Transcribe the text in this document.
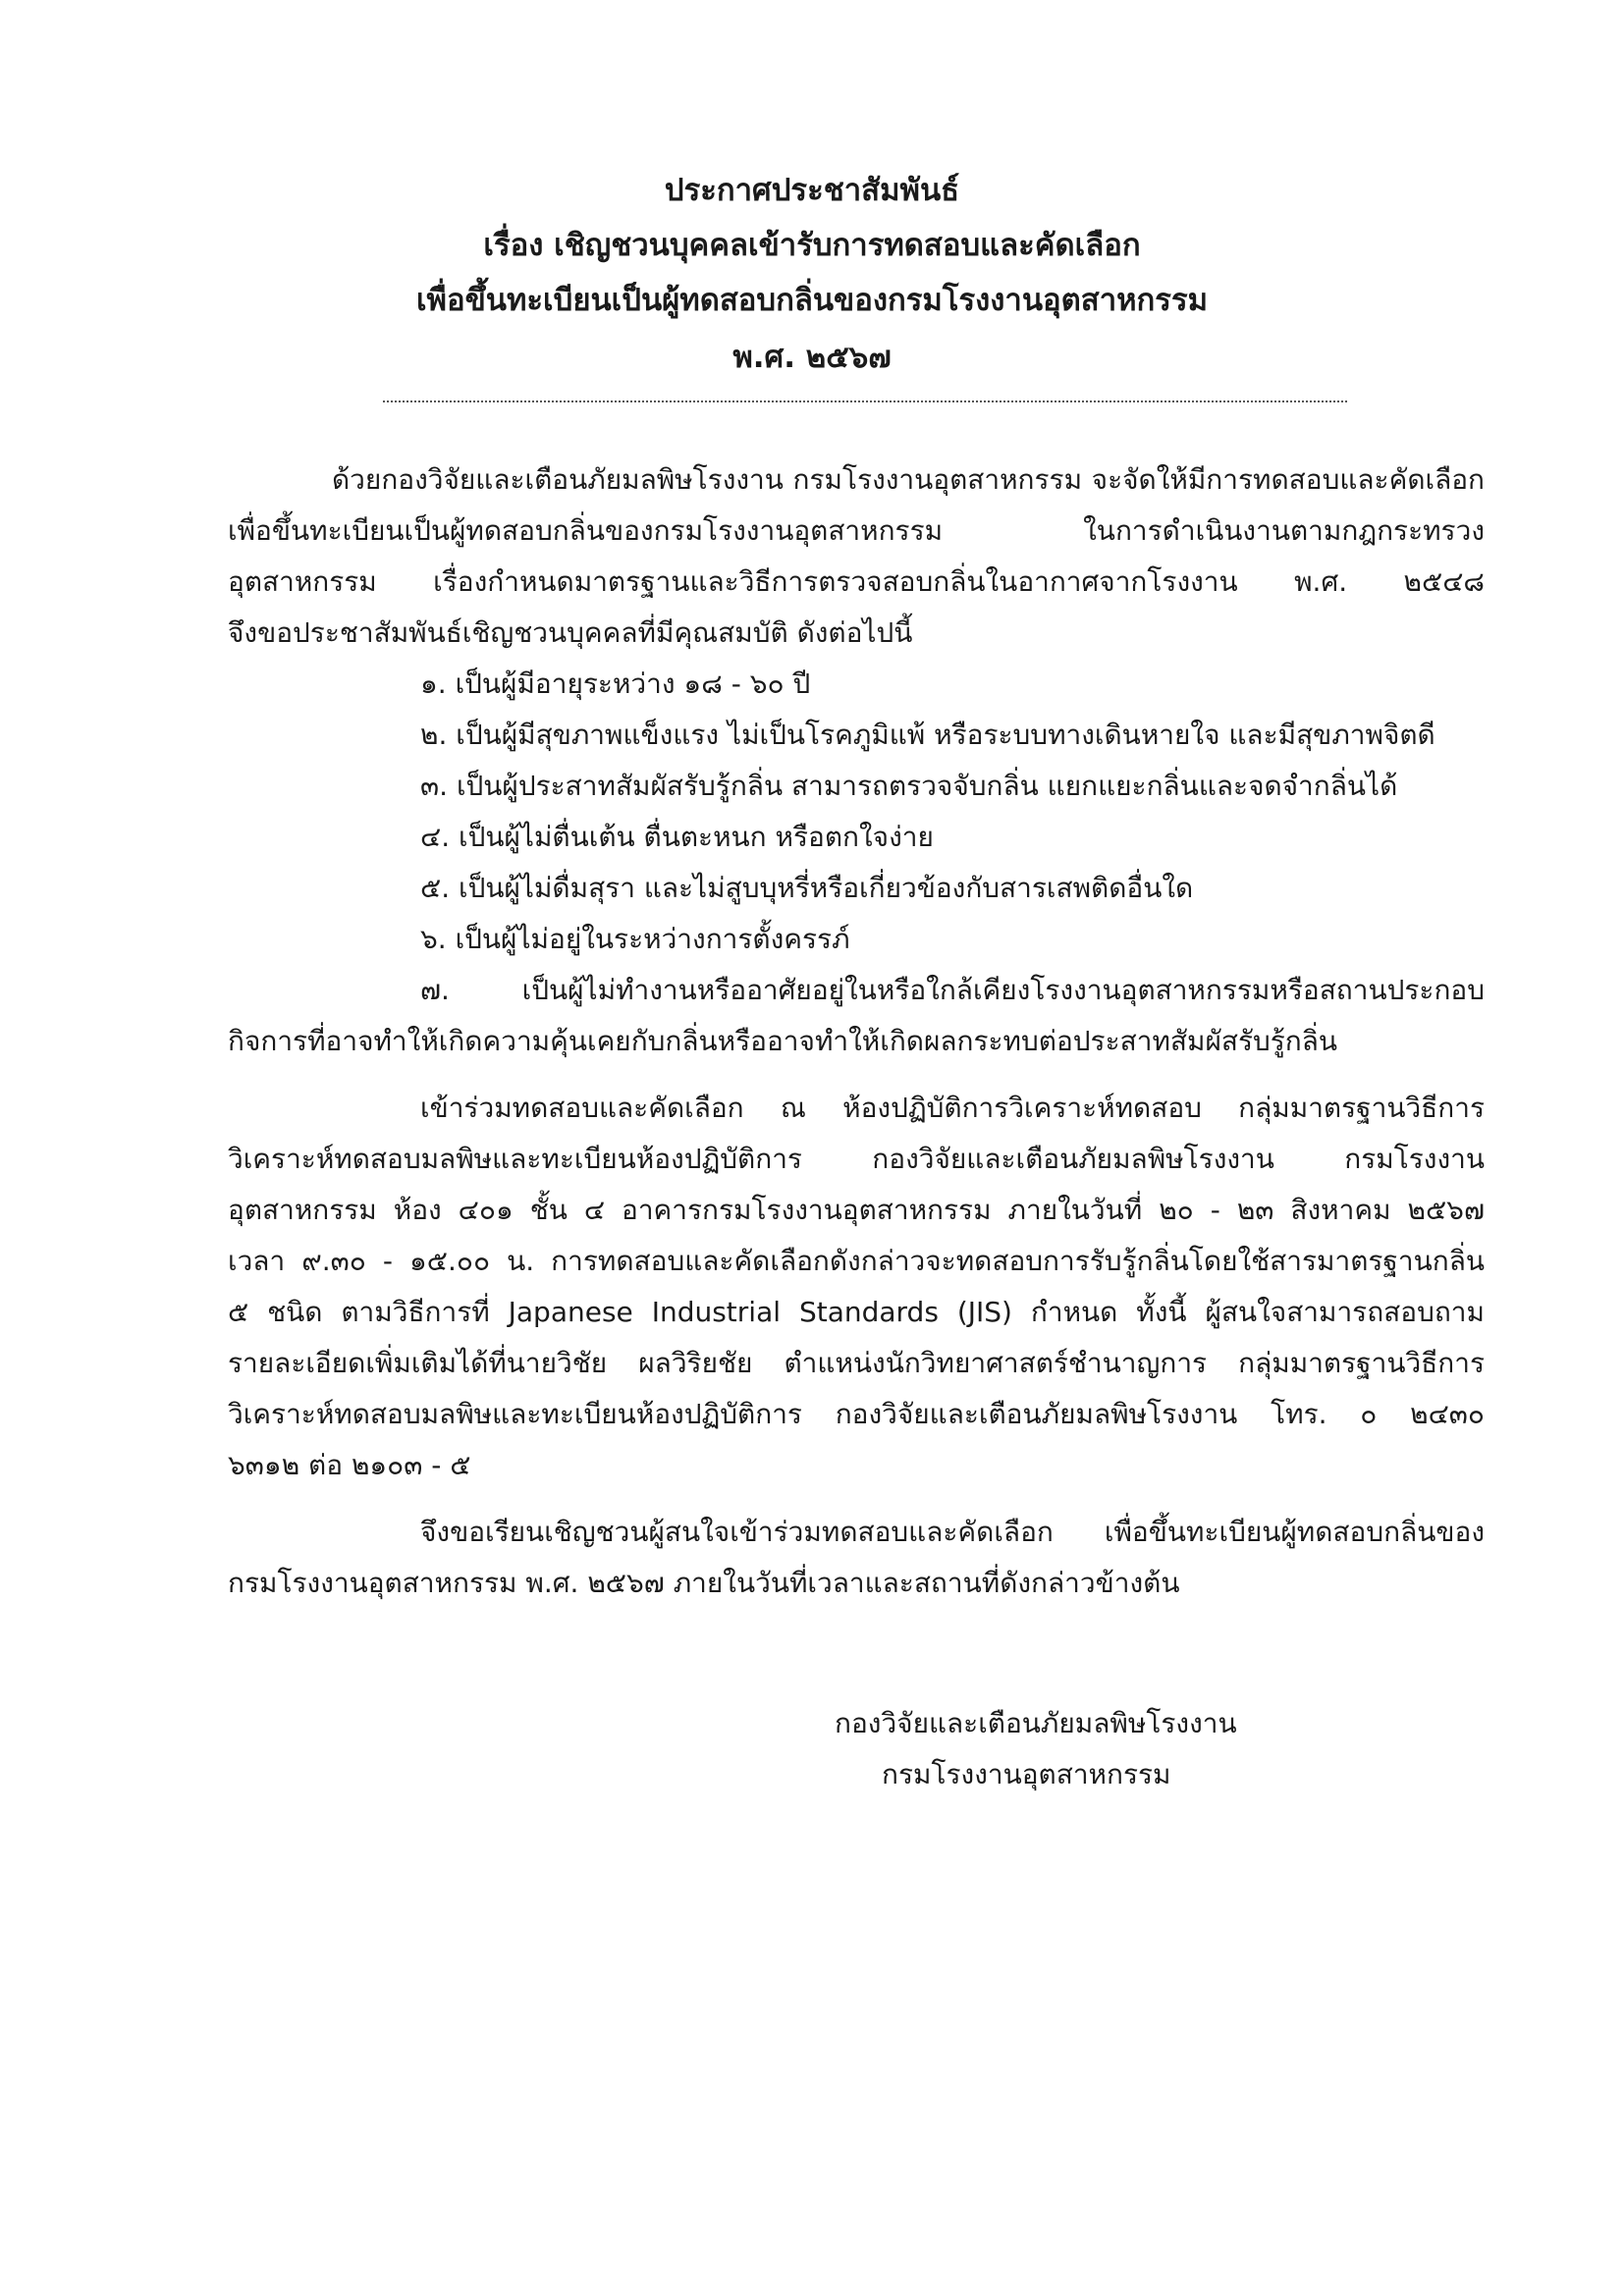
ประกาศประชาสัมพันธ์
เรื่อง เชิญชวนบุคคลเข้ารับการทดสอบและคัดเลือก
เพื่อขึ้นทะเบียนเป็นผู้ทดสอบกลิ่นของกรมโรงงานอุตสาหกรรม
พ.ศ. ๒๕๖๗
ด้วยกองวิจัยและเตือนภัยมลพิษโรงงาน กรมโรงงานอุตสาหกรรม จะจัดให้มีการทดสอบและคัดเลือก
เพื่อขึ้นทะเบียนเป็นผู้ทดสอบกลิ่นของกรมโรงงานอุตสาหกรรม ในการดำเนินงานตามกฎกระทรวง
อุตสาหกรรม เรื่องกำหนดมาตรฐานและวิธีการตรวจสอบกลิ่นในอากาศจากโรงงาน พ.ศ. ๒๕๔๘
จึงขอประชาสัมพันธ์เชิญชวนบุคคลที่มีคุณสมบัติ ดังต่อไปนี้
๑. เป็นผู้มีอายุระหว่าง ๑๘ - ๖๐ ปี
๒. เป็นผู้มีสุขภาพแข็งแรง ไม่เป็นโรคภูมิแพ้ หรือระบบทางเดินหายใจ และมีสุขภาพจิตดี
๓. เป็นผู้ประสาทสัมผัสรับรู้กลิ่น สามารถตรวจจับกลิ่น แยกแยะกลิ่นและจดจำกลิ่นได้
๔. เป็นผู้ไม่ตื่นเต้น ตื่นตะหนก หรือตกใจง่าย
๕. เป็นผู้ไม่ดื่มสุรา และไม่สูบบุหรี่หรือเกี่ยวข้องกับสารเสพติดอื่นใด
๖. เป็นผู้ไม่อยู่ในระหว่างการตั้งครรภ์
๗. เป็นผู้ไม่ทำงานหรืออาศัยอยู่ในหรือใกล้เคียงโรงงานอุตสาหกรรมหรือสถานประกอบ
กิจการที่อาจทำให้เกิดความคุ้นเคยกับกลิ่นหรืออาจทำให้เกิดผลกระทบต่อประสาทสัมผัสรับรู้กลิ่น
เข้าร่วมทดสอบและคัดเลือก ณ ห้องปฏิบัติการวิเคราะห์ทดสอบ กลุ่มมาตรฐานวิธีการ
วิเคราะห์ทดสอบมลพิษและทะเบียนห้องปฏิบัติการ กองวิจัยและเตือนภัยมลพิษโรงงาน กรมโรงงาน
อุตสาหกรรม ห้อง ๔๐๑ ชั้น ๔ อาคารกรมโรงงานอุตสาหกรรม ภายในวันที่ ๒๐ - ๒๓ สิงหาคม ๒๕๖๗
เวลา ๙.๓๐ - ๑๕.๐๐ น. การทดสอบและคัดเลือกดังกล่าวจะทดสอบการรับรู้กลิ่นโดยใช้สารมาตรฐานกลิ่น
๕ ชนิด ตามวิธีการที่ Japanese Industrial Standards (JIS) กำหนด ทั้งนี้ ผู้สนใจสามารถสอบถาม
รายละเอียดเพิ่มเติมได้ที่นายวิชัย ผลวิริยชัย ตำแหน่งนักวิทยาศาสตร์ชำนาญการ กลุ่มมาตรฐานวิธีการ
วิเคราะห์ทดสอบมลพิษและทะเบียนห้องปฏิบัติการ กองวิจัยและเตือนภัยมลพิษโรงงาน โทร. ๐ ๒๔๓๐
๖๓๑๒ ต่อ ๒๑๐๓ - ๕
จึงขอเรียนเชิญชวนผู้สนใจเข้าร่วมทดสอบและคัดเลือก เพื่อขึ้นทะเบียนผู้ทดสอบกลิ่นของ
กรมโรงงานอุตสาหกรรม พ.ศ. ๒๕๖๗ ภายในวันที่เวลาและสถานที่ดังกล่าวข้างต้น
กองวิจัยและเตือนภัยมลพิษโรงงาน
กรมโรงงานอุตสาหกรรม
